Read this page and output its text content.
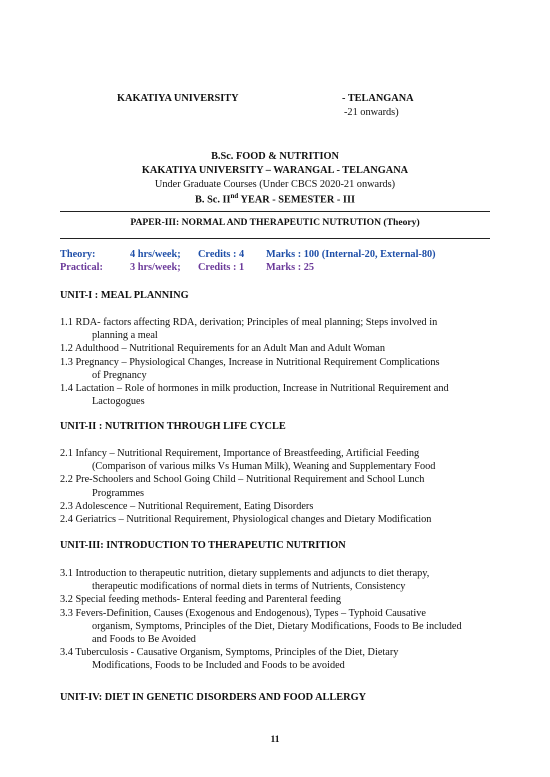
KAKATIYA UNIVERSITY	- TELANGANA
-21 onwards)
B.Sc. FOOD & NUTRITION
KAKATIYA UNIVERSITY – WARANGAL - TELANGANA
Under Graduate Courses (Under CBCS 2020-21 onwards)
B. Sc. IInd YEAR - SEMESTER - III
PAPER-III: NORMAL AND THERAPEUTIC NUTRUTION (Theory)
Theory:	4 hrs/week; Credits : 4 Marks : 100 (Internal-20, External-80)
Practical:	3 hrs/week; Credits : 1 Marks : 25
UNIT-I : MEAL PLANNING

1.1 RDA- factors affecting RDA, derivation; Principles of meal planning; Steps involved in
planning a meal

1.2 Adulthood – Nutritional Requirements for an Adult Man and Adult Woman

1.3 Pregnancy – Physiological Changes, Increase in Nutritional Requirement Complications
of Pregnancy

1.4 Lactation – Role of hormones in milk production, Increase in Nutritional Requirement and
Lactogogues

UNIT-II : NUTRITION THROUGH LIFE CYCLE

2.1 Infancy – Nutritional Requirement, Importance of Breastfeeding, Artificial Feeding
(Comparison of various milks Vs Human Milk), Weaning and Supplementary Food

2.2 Pre-Schoolers and School Going Child – Nutritional Requirement and School Lunch
Programmes

2.3 Adolescence – Nutritional Requirement, Eating Disorders

2.4 Geriatrics – Nutritional Requirement, Physiological changes and Dietary Modification

UNIT-III: INTRODUCTION TO THERAPEUTIC NUTRITION

3.1 Introduction to therapeutic nutrition, dietary supplements and adjuncts to diet therapy,
therapeutic modifications of normal diets in terms of Nutrients, Consistency

3.2 Special feeding methods- Enteral feeding and Parenteral feeding

3.3 Fevers-Definition, Causes (Exogenous and Endogenous), Types – Typhoid Causative
organism, Symptoms, Principles of the Diet, Dietary Modifications, Foods to Be included
and Foods to Be Avoided

3.4 Tuberculosis - Causative Organism, Symptoms, Principles of the Diet, Dietary
Modifications, Foods to be Included and Foods to be avoided

UNIT-IV: DIET IN GENETIC DISORDERS AND FOOD ALLERGY
11
